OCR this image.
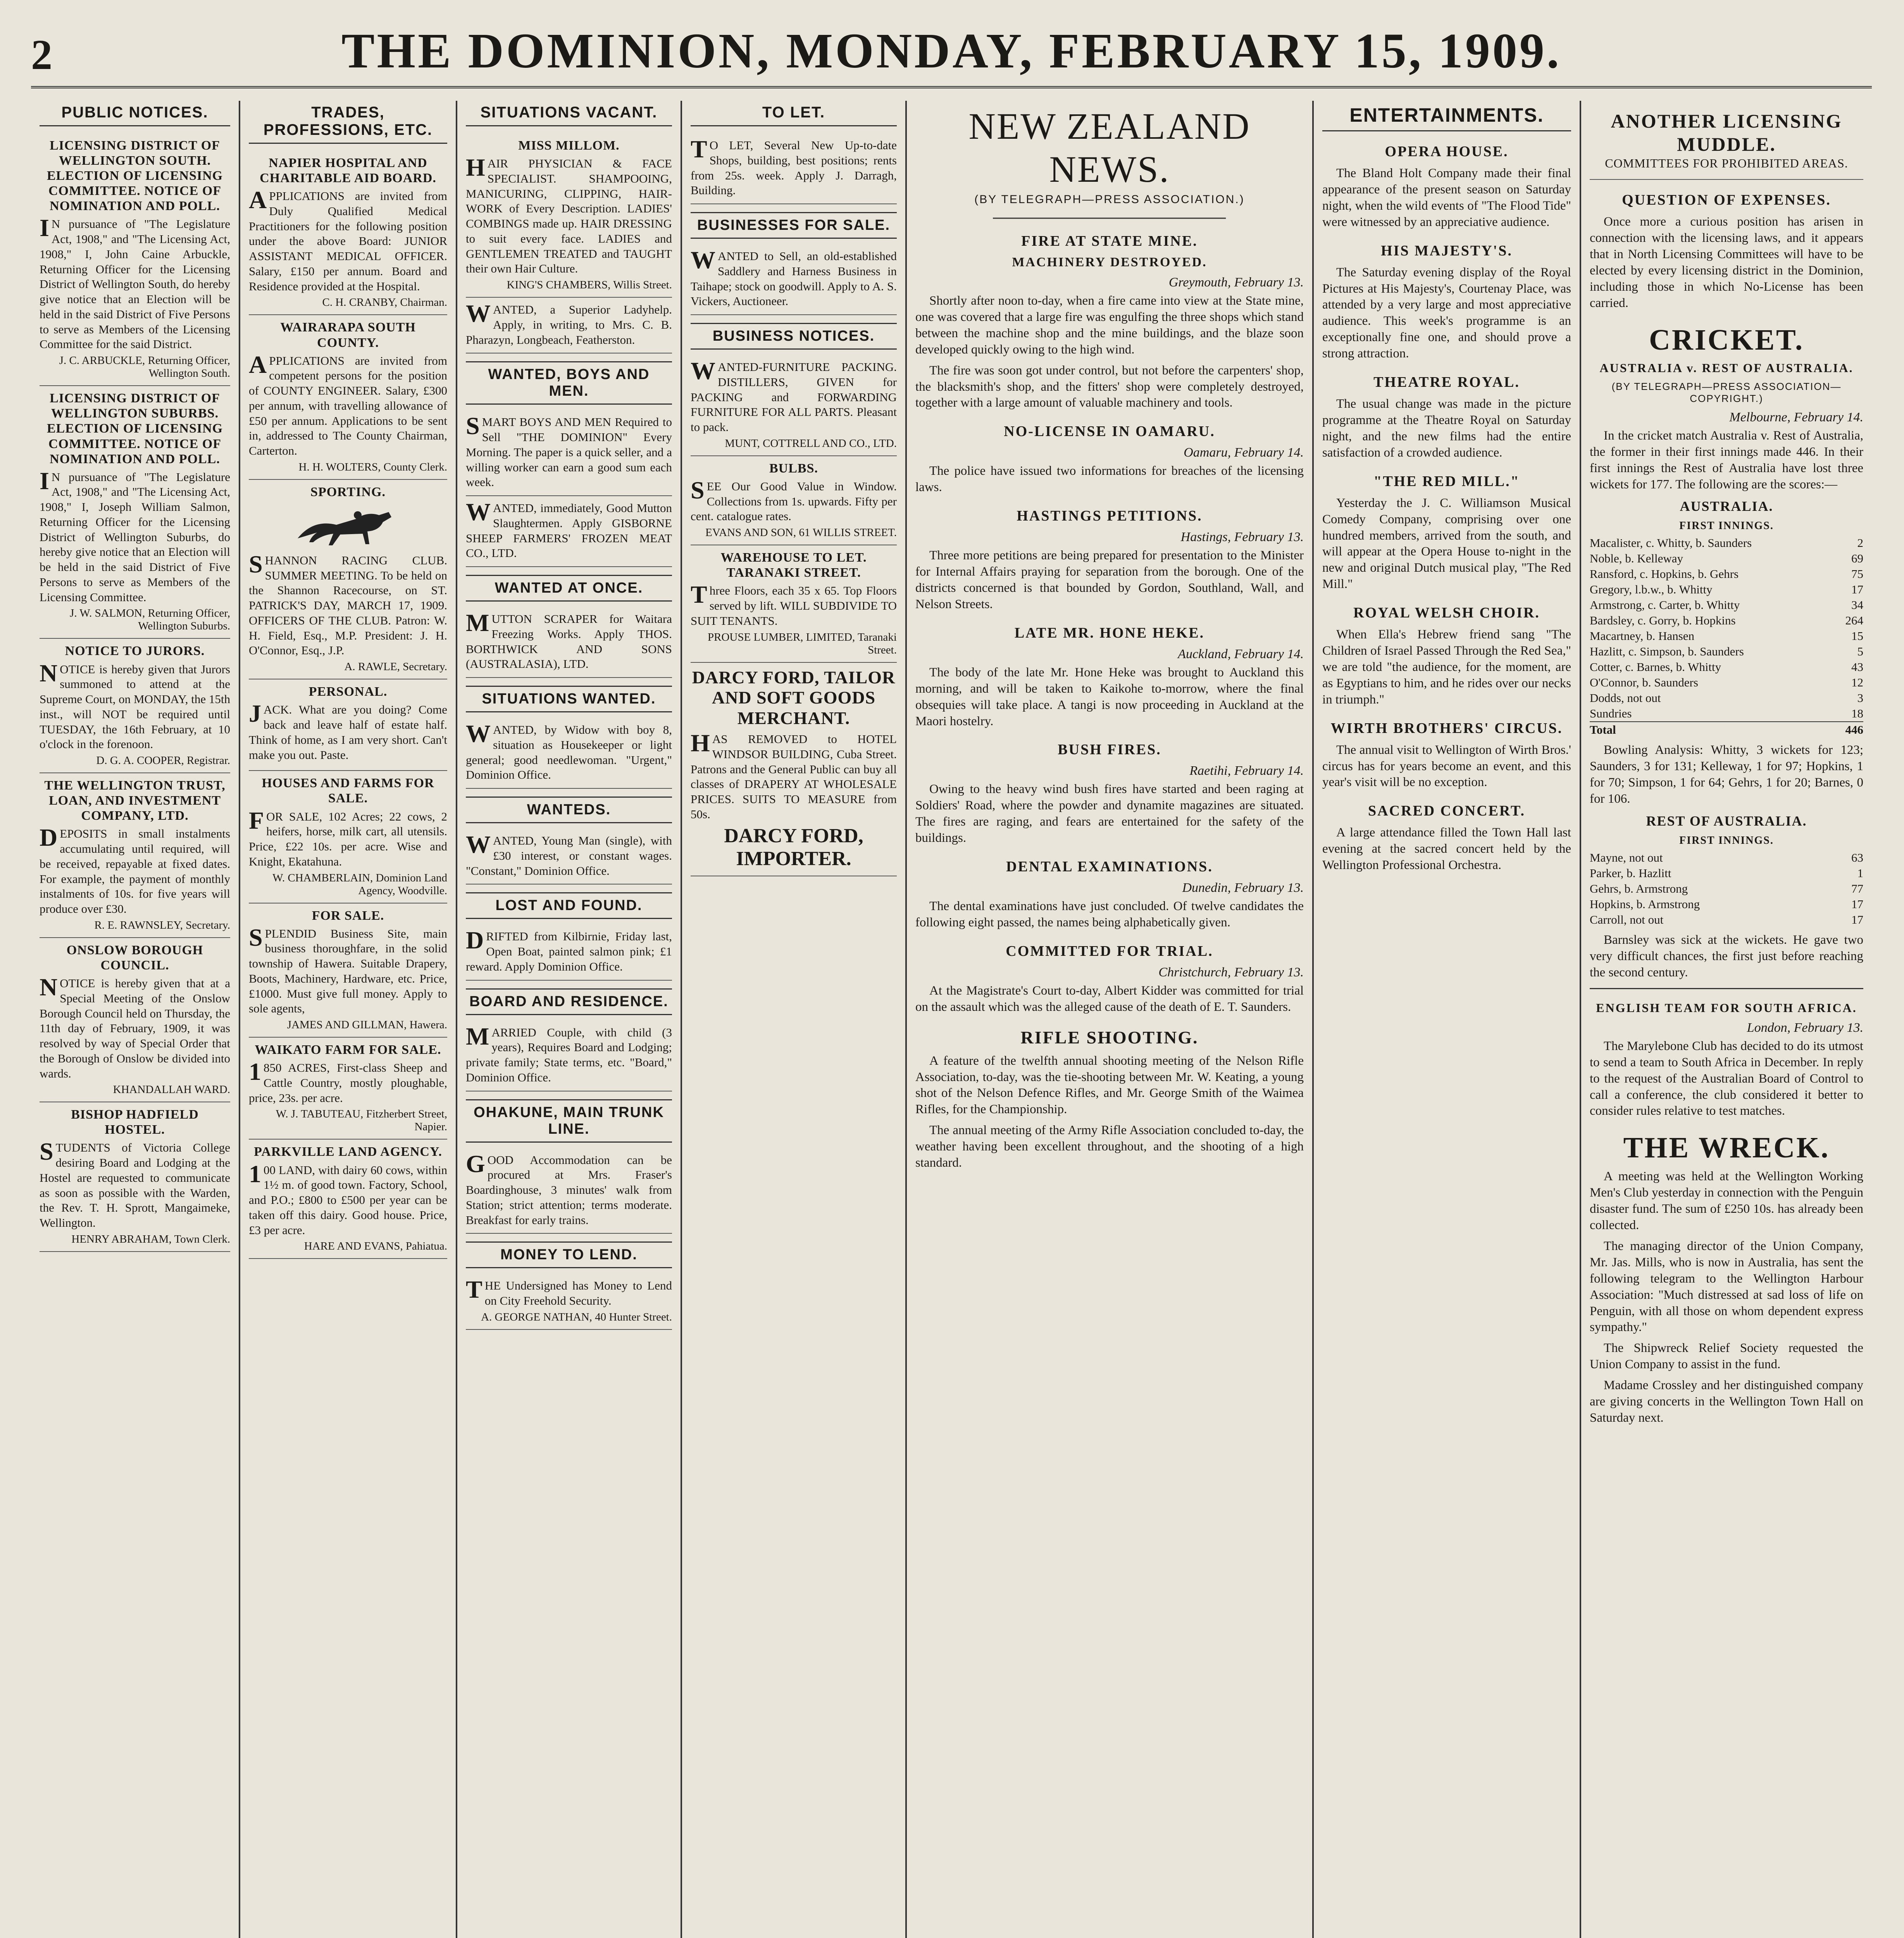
2	THE DOMINION, MONDAY, FEBRUARY 15, 1909.
PUBLIC NOTICES.
LICENSING DISTRICT OF WELLINGTON SOUTH. ELECTION OF LICENSING COMMITTEE. NOTICE OF NOMINATION AND POLL.
IN pursuance of "The Legislature Act, 1908," and "The Licensing Act, 1908," I, John Caine Arbuckle, Returning Officer for the Licensing District of Wellington South, do hereby give notice that an Election will be held in the said District of Five Persons to serve as Members of the Licensing Committee for the said District.
J. C. ARBUCKLE, Returning Officer, Wellington South.
LICENSING DISTRICT OF WELLINGTON SUBURBS. ELECTION OF LICENSING COMMITTEE. NOTICE OF NOMINATION AND POLL.
IN pursuance of "The Legislature Act, 1908," and "The Licensing Act, 1908," I, Joseph William Salmon, Returning Officer for the Licensing District of Wellington Suburbs, do hereby give notice that an Election will be held in the said District of Five Persons to serve as Members of the Licensing Committee.
J. W. SALMON, Returning Officer, Wellington Suburbs.
NOTICE TO JURORS.
NOTICE is hereby given that Jurors summoned to attend at the Supreme Court, on MONDAY, the 15th inst., will NOT be required until TUESDAY, the 16th February, at 10 o'clock in the forenoon.
D. G. A. COOPER, Registrar.
THE WELLINGTON TRUST, LOAN, AND INVESTMENT COMPANY, LTD.
DEPOSITS in small instalments accumulating until required, will be received, repayable at fixed dates. For example, the payment of monthly instalments of 10s. for five years will produce over £30.
R. E. RAWNSLEY, Secretary.
ONSLOW BOROUGH COUNCIL.
NOTICE is hereby given that at a Special Meeting of the Onslow Borough Council held on Thursday, the 11th day of February, 1909, it was resolved by way of Special Order that the Borough of Onslow be divided into wards.
KHANDALLAH WARD.
BISHOP HADFIELD HOSTEL.
STUDENTS of Victoria College desiring Board and Lodging at the Hostel are requested to communicate as soon as possible with the Warden, the Rev. T. H. Sprott, Mangaimeke, Wellington.
HENRY ABRAHAM, Town Clerk.
TRADES, PROFESSIONS, ETC.
NAPIER HOSPITAL AND CHARITABLE AID BOARD.
APPLICATIONS are invited from Duly Qualified Medical Practitioners for the following position under the above Board: JUNIOR ASSISTANT MEDICAL OFFICER. Salary, £150 per annum. Board and Residence provided at the Hospital.
C. H. CRANBY, Chairman.
WAIRARAPA SOUTH COUNTY.
APPLICATIONS are invited from competent persons for the position of COUNTY ENGINEER. Salary, £300 per annum, with travelling allowance of £50 per annum. Applications to be sent in, addressed to The County Chairman, Carterton.
H. H. WOLTERS, County Clerk.
SPORTING.
SHANNON RACING CLUB. SUMMER MEETING. To be held on the Shannon Racecourse, on ST. PATRICK'S DAY, MARCH 17, 1909. OFFICERS OF THE CLUB. Patron: W. H. Field, Esq., M.P. President: J. H. O'Connor, Esq., J.P.
A. RAWLE, Secretary.
PERSONAL.
JACK. What are you doing? Come back and leave half of estate half. Think of home, as I am very short. Can't make you out. Paste.
HOUSES AND FARMS FOR SALE.
FOR SALE, 102 Acres; 22 cows, 2 heifers, horse, milk cart, all utensils. Price, £22 10s. per acre. Wise and Knight, Ekatahuna.
W. CHAMBERLAIN, Dominion Land Agency, Woodville.
FOR SALE.
SPLENDID Business Site, main business thoroughfare, in the solid township of Hawera. Suitable Drapery, Boots, Machinery, Hardware, etc. Price, £1000. Must give full money. Apply to sole agents,
JAMES AND GILLMAN, Hawera.
WAIKATO FARM FOR SALE.
1850 ACRES, First-class Sheep and Cattle Country, mostly ploughable, price, 23s. per acre.
W. J. TABUTEAU, Fitzherbert Street, Napier.
PARKVILLE LAND AGENCY.
100 LAND, with dairy 60 cows, within 1½ m. of good town. Factory, School, and P.O.; £800 to £500 per year can be taken off this dairy. Good house. Price, £3 per acre.
HARE AND EVANS, Pahiatua.
SITUATIONS VACANT.
MISS MILLOM.
HAIR PHYSICIAN & FACE SPECIALIST. SHAMPOOING, MANICURING, CLIPPING, HAIR-WORK of Every Description. LADIES' COMBINGS made up. HAIR DRESSING to suit every face. LADIES and GENTLEMEN TREATED and TAUGHT their own Hair Culture.
KING'S CHAMBERS, Willis Street.
WANTED, a Superior Ladyhelp. Apply, in writing, to Mrs. C. B. Pharazyn, Longbeach, Featherston.
WANTED, BOYS AND MEN.
SMART BOYS AND MEN Required to Sell "THE DOMINION" Every Morning. The paper is a quick seller, and a willing worker can earn a good sum each week.
WANTED, immediately, Good Mutton Slaughtermen. Apply GISBORNE SHEEP FARMERS' FROZEN MEAT CO., LTD.
WANTED AT ONCE.
MUTTON SCRAPER for Waitara Freezing Works. Apply THOS. BORTHWICK AND SONS (AUSTRALASIA), LTD.
SITUATIONS WANTED.
WANTED, by Widow with boy 8, situation as Housekeeper or light general; good needlewoman. "Urgent," Dominion Office.
WANTEDS.
WANTED, Young Man (single), with £30 interest, or constant wages. "Constant," Dominion Office.
LOST AND FOUND.
DRIFTED from Kilbirnie, Friday last, Open Boat, painted salmon pink; £1 reward. Apply Dominion Office.
BOARD AND RESIDENCE.
MARRIED Couple, with child (3 years), Requires Board and Lodging; private family; State terms, etc. "Board," Dominion Office.
OHAKUNE, MAIN TRUNK LINE.
GOOD Accommodation can be procured at Mrs. Fraser's Boardinghouse, 3 minutes' walk from Station; strict attention; terms moderate. Breakfast for early trains.
MONEY TO LEND.
THE Undersigned has Money to Lend on City Freehold Security.
A. GEORGE NATHAN, 40 Hunter Street.
TO LET.
TO LET, Several New Up-to-date Shops, building, best positions; rents from 25s. week. Apply J. Darragh, Building.
BUSINESSES FOR SALE.
WANTED to Sell, an old-established Saddlery and Harness Business in Taihape; stock on goodwill. Apply to A. S. Vickers, Auctioneer.
BUSINESS NOTICES.
WANTED-FURNITURE PACKING. DISTILLERS, GIVEN for PACKING and FORWARDING FURNITURE FOR ALL PARTS. Pleasant to pack.
MUNT, COTTRELL AND CO., LTD.
BULBS.
SEE Our Good Value in Window. Collections from 1s. upwards. Fifty per cent. catalogue rates.
EVANS AND SON, 61 WILLIS STREET.
WAREHOUSE TO LET. TARANAKI STREET.
Three Floors, each 35 x 65. Top Floors served by lift. WILL SUBDIVIDE TO SUIT TENANTS.
PROUSE LUMBER, LIMITED, Taranaki Street.
DARCY FORD, TAILOR AND SOFT GOODS MERCHANT.
HAS REMOVED to HOTEL WINDSOR BUILDING, Cuba Street. Patrons and the General Public can buy all classes of DRAPERY AT WHOLESALE PRICES. SUITS TO MEASURE from 50s.
DARCY FORD, IMPORTER.
NEW ZEALAND NEWS.
(BY TELEGRAPH—PRESS ASSOCIATION.)
FIRE AT STATE MINE.
MACHINERY DESTROYED.
Greymouth, February 13.

Shortly after noon to-day, when a fire came into view at the State mine, one was covered that a large fire was engulfing the three shops which stand between the machine shop and the mine buildings, and the blaze soon developed quickly owing to the high wind.

The fire was soon got under control, but not before the carpenters' shop, the blacksmith's shop, and the fitters' shop were completely destroyed, together with a large amount of valuable machinery and tools.

NO-LICENSE IN OAMARU.
Oamaru, February 14.

The police have issued two informations for breaches of the licensing laws.

HASTINGS PETITIONS.
Hastings, February 13.

Three more petitions are being prepared for presentation to the Minister for Internal Affairs praying for separation from the borough. One of the districts concerned is that bounded by Gordon, Southland, Wall, and Nelson Streets.

LATE MR. HONE HEKE.
Auckland, February 14.

The body of the late Mr. Hone Heke was brought to Auckland this morning, and will be taken to Kaikohe to-morrow, where the final obsequies will take place. A tangi is now proceeding in Auckland at the Maori hostelry.

BUSH FIRES.
Raetihi, February 14.

Owing to the heavy wind bush fires have started and been raging at Soldiers' Road, where the powder and dynamite magazines are situated. The fires are raging, and fears are entertained for the safety of the buildings.

DENTAL EXAMINATIONS.
Dunedin, February 13.

The dental examinations have just concluded. Of twelve candidates the following eight passed, the names being alphabetically given.

COMMITTED FOR TRIAL.
Christchurch, February 13.

At the Magistrate's Court to-day, Albert Kidder was committed for trial on the assault which was the alleged cause of the death of E. T. Saunders.

RIFLE SHOOTING.

A feature of the twelfth annual shooting meeting of the Nelson Rifle Association, to-day, was the tie-shooting between Mr. W. Keating, a young shot of the Nelson Defence Rifles, and Mr. George Smith of the Waimea Rifles, for the Championship.

The annual meeting of the Army Rifle Association concluded to-day, the weather having been excellent throughout, and the shooting of a high standard.

ENTERTAINMENTS.
OPERA HOUSE.

The Bland Holt Company made their final appearance of the present season on Saturday night, when the wild events of "The Flood Tide" were witnessed by an appreciative audience.

HIS MAJESTY'S.

The Saturday evening display of the Royal Pictures at His Majesty's, Courtenay Place, was attended by a very large and most appreciative audience. This week's programme is an exceptionally fine one, and should prove a strong attraction.

THEATRE ROYAL.

The usual change was made in the picture programme at the Theatre Royal on Saturday night, and the new films had the entire satisfaction of a crowded audience.

"THE RED MILL."

Yesterday the J. C. Williamson Musical Comedy Company, comprising over one hundred members, arrived from the south, and will appear at the Opera House to-night in the new and original Dutch musical play, "The Red Mill."

ROYAL WELSH CHOIR.

When Ella's Hebrew friend sang "The Children of Israel Passed Through the Red Sea," we are told "the audience, for the moment, are as Egyptians to him, and he rides over our necks in triumph."

WIRTH BROTHERS' CIRCUS.

The annual visit to Wellington of Wirth Bros.' circus has for years become an event, and this year's visit will be no exception.

SACRED CONCERT.

A large attendance filled the Town Hall last evening at the sacred concert held by the Wellington Professional Orchestra.

ANOTHER LICENSING
MUDDLE.
COMMITTEES FOR PROHIBITED AREAS.
QUESTION OF EXPENSES.

Once more a curious position has arisen in connection with the licensing laws, and it appears that in North Licensing Committees will have to be elected by every licensing district in the Dominion, including those in which No-License has been carried.

CRICKET.
AUSTRALIA v. REST OF AUSTRALIA.
(BY TELEGRAPH—PRESS ASSOCIATION—COPYRIGHT.)
Melbourne, February 14.

In the cricket match Australia v. Rest of Australia, the former in their first innings made 446. In their first innings the Rest of Australia have lost three wickets for 177. The following are the scores:—

AUSTRALIA.
FIRST INNINGS.
Macalister, c. Whitty, b. Saunders	2
Noble, b. Kelleway	69
Ransford, c. Hopkins, b. Gehrs	75
Gregory, l.b.w., b. Whitty	17
Armstrong, c. Carter, b. Whitty	34
Bardsley, c. Gorry, b. Hopkins	264
Macartney, b. Hansen	15
Hazlitt, c. Simpson, b. Saunders	5
Cotter, c. Barnes, b. Whitty	43
O'Connor, b. Saunders	12
Dodds, not out	3
Sundries	18
Total	446

Bowling Analysis: Whitty, 3 wickets for 123; Saunders, 3 for 131; Kelleway, 1 for 97; Hopkins, 1 for 70; Simpson, 1 for 64; Gehrs, 1 for 20; Barnes, 0 for 106.

REST OF AUSTRALIA.
FIRST INNINGS.
Mayne, not out	63
Parker, b. Hazlitt	1
Gehrs, b. Armstrong	77
Hopkins, b. Armstrong	17
Carroll, not out	17

Barnsley was sick at the wickets. He gave two very difficult chances, the first just before reaching the second century.

ENGLISH TEAM FOR SOUTH AFRICA.
London, February 13.

The Marylebone Club has decided to do its utmost to send a team to South Africa in December. In reply to the request of the Australian Board of Control to call a conference, the club considered it better to consider rules relative to test matches.

THE WRECK.

A meeting was held at the Wellington Working Men's Club yesterday in connection with the Penguin disaster fund. The sum of £250 10s. has already been collected.

The managing director of the Union Company, Mr. Jas. Mills, who is now in Australia, has sent the following telegram to the Wellington Harbour Association: "Much distressed at sad loss of life on Penguin, with all those on whom dependent express sympathy."

The Shipwreck Relief Society requested the Union Company to assist in the fund.

Madame Crossley and her distinguished company are giving concerts in the Wellington Town Hall on Saturday next.
